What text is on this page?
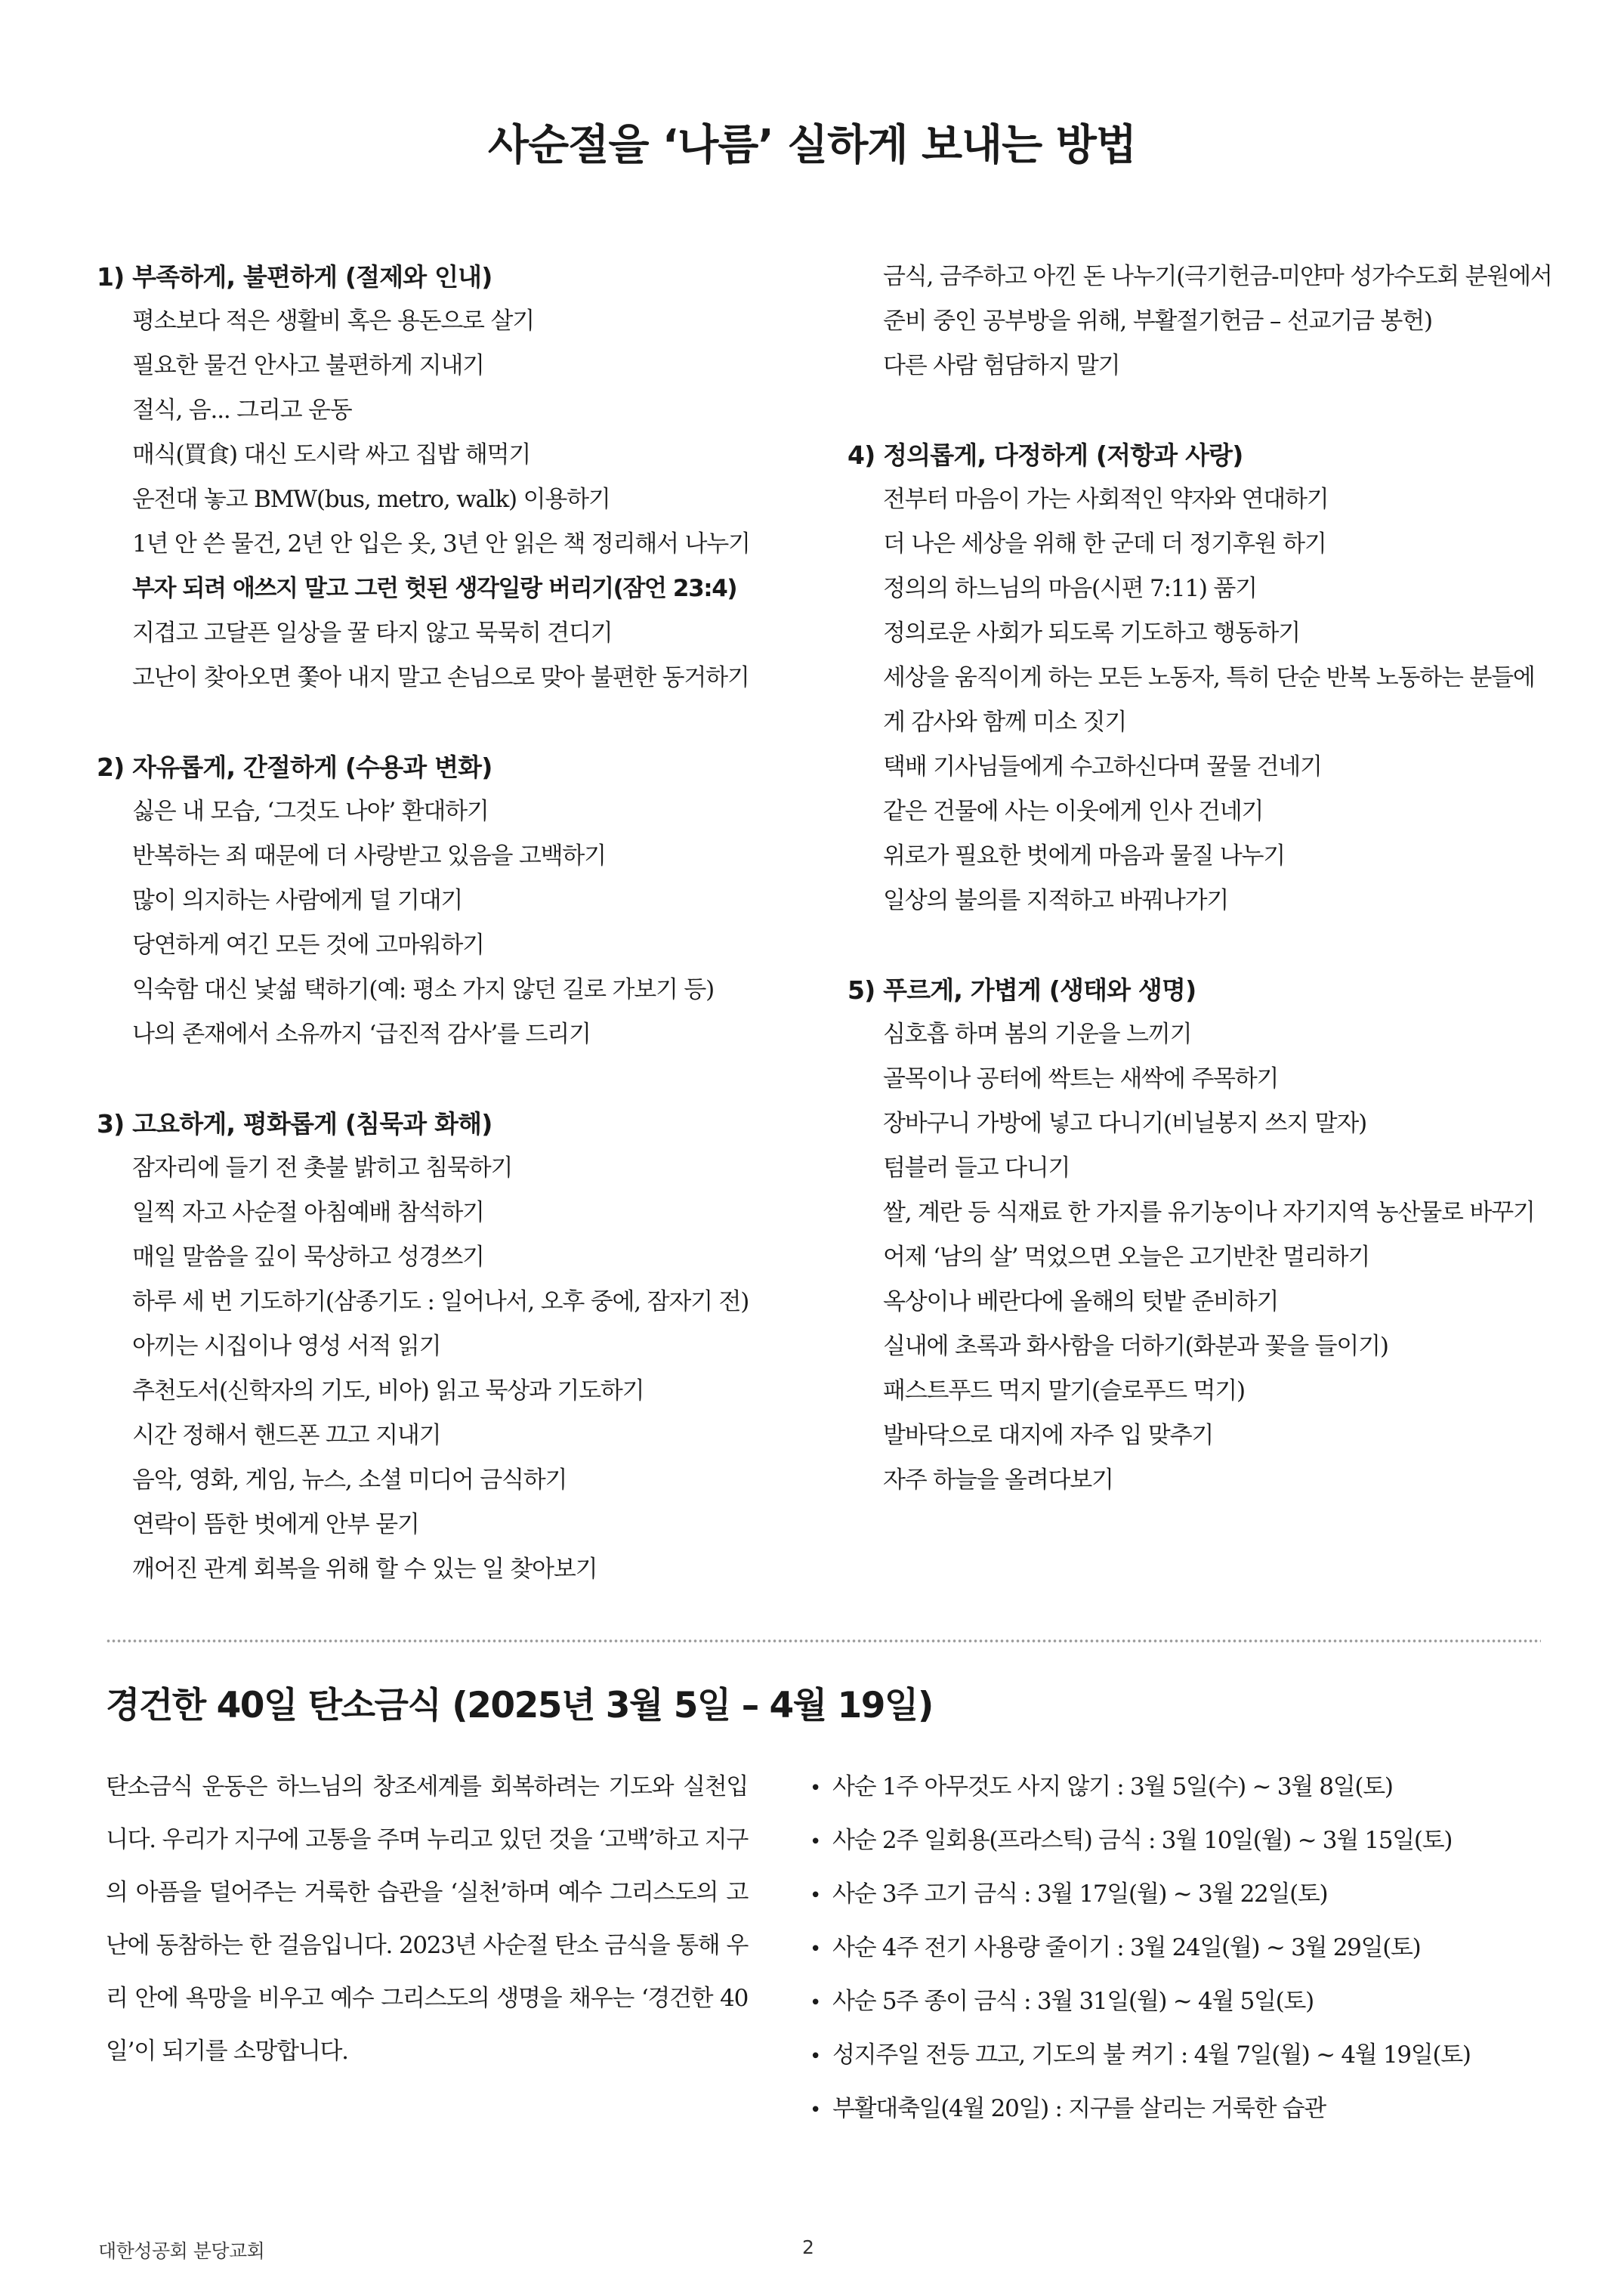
사순절을 ‘나름’ 실하게 보내는 방법
1) 부족하게, 불편하게 (절제와 인내)
평소보다 적은 생활비 혹은 용돈으로 살기
필요한 물건 안사고 불편하게 지내기
절식, 음... 그리고 운동
매식(買食) 대신 도시락 싸고 집밥 해먹기
운전대 놓고 BMW(bus, metro, walk) 이용하기
1년 안 쓴 물건, 2년 안 입은 옷, 3년 안 읽은 책 정리해서 나누기
부자 되려 애쓰지 말고 그런 헛된 생각일랑 버리기(잠언 23:4)
지겹고 고달픈 일상을 꿀 타지 않고 묵묵히 견디기
고난이 찾아오면 쫓아 내지 말고 손님으로 맞아 불편한 동거하기
2) 자유롭게, 간절하게 (수용과 변화)
싫은 내 모습, ‘그것도 나야’ 환대하기
반복하는 죄 때문에 더 사랑받고 있음을 고백하기
많이 의지하는 사람에게 덜 기대기
당연하게 여긴 모든 것에 고마워하기
익숙함 대신 낯섦 택하기(예: 평소 가지 않던 길로 가보기 등)
나의 존재에서 소유까지 ‘급진적 감사’를 드리기
3) 고요하게, 평화롭게 (침묵과 화해)
잠자리에 들기 전 촛불 밝히고 침묵하기
일찍 자고 사순절 아침예배 참석하기
매일 말씀을 깊이 묵상하고 성경쓰기
하루 세 번 기도하기(삼종기도 : 일어나서, 오후 중에, 잠자기 전)
아끼는 시집이나 영성 서적 읽기
추천도서(신학자의 기도, 비아) 읽고 묵상과 기도하기
시간 정해서 핸드폰 끄고 지내기
음악, 영화, 게임, 뉴스, 소셜 미디어 금식하기
연락이 뜸한 벗에게 안부 묻기
깨어진 관계 회복을 위해 할 수 있는 일 찾아보기
금식, 금주하고 아낀 돈 나누기(극기헌금-미얀마 성가수도회 분원에서
준비 중인 공부방을 위해, 부활절기헌금 – 선교기금 봉헌)
다른 사람 험담하지 말기
4) 정의롭게, 다정하게 (저항과 사랑)
전부터 마음이 가는 사회적인 약자와 연대하기
더 나은 세상을 위해 한 군데 더 정기후원 하기
정의의 하느님의 마음(시편 7:11) 품기
정의로운 사회가 되도록 기도하고 행동하기
세상을 움직이게 하는 모든 노동자, 특히 단순 반복 노동하는 분들에
게 감사와 함께 미소 짓기
택배 기사님들에게 수고하신다며 꿀물 건네기
같은 건물에 사는 이웃에게 인사 건네기
위로가 필요한 벗에게 마음과 물질 나누기
일상의 불의를 지적하고 바꿔나가기
5) 푸르게, 가볍게 (생태와 생명)
심호흡 하며 봄의 기운을 느끼기
골목이나 공터에 싹트는 새싹에 주목하기
장바구니 가방에 넣고 다니기(비닐봉지 쓰지 말자)
텀블러 들고 다니기
쌀, 계란 등 식재료 한 가지를 유기농이나 자기지역 농산물로 바꾸기
어제 ‘남의 살’ 먹었으면 오늘은 고기반찬 멀리하기
옥상이나 베란다에 올해의 텃밭 준비하기
실내에 초록과 화사함을 더하기(화분과 꽃을 들이기)
패스트푸드 먹지 말기(슬로푸드 먹기)
발바닥으로 대지에 자주 입 맞추기
자주 하늘을 올려다보기
경건한 40일 탄소금식 (2025년 3월 5일 – 4월 19일)

탄소금식 운동은 하느님의 창조세계를 회복하려는 기도와 실천입니다. 우리가 지구에 고통을 주며 누리고 있던 것을 ‘고백’하고 지구의 아픔을 덜어주는 거룩한 습관을 ‘실천’하며 예수 그리스도의 고난에 동참하는 한 걸음입니다. 2023년 사순절 탄소 금식을 통해 우리 안에 욕망을 비우고 예수 그리스도의 생명을 채우는 ‘경건한 40일’이 되기를 소망합니다.

• 사순 1주 아무것도 사지 않기 : 3월 5일(수) ~ 3월 8일(토)
• 사순 2주 일회용(프라스틱) 금식 : 3월 10일(월) ~ 3월 15일(토)
• 사순 3주 고기 금식 : 3월 17일(월) ~ 3월 22일(토)
• 사순 4주 전기 사용량 줄이기 : 3월 24일(월) ~ 3월 29일(토)
• 사순 5주 종이 금식 : 3월 31일(월) ~ 4월 5일(토)
• 성지주일 전등 끄고, 기도의 불 켜기 : 4월 7일(월) ~ 4월 19일(토)
• 부활대축일(4월 20일) : 지구를 살리는 거룩한 습관
대한성공회 분당교회	2
